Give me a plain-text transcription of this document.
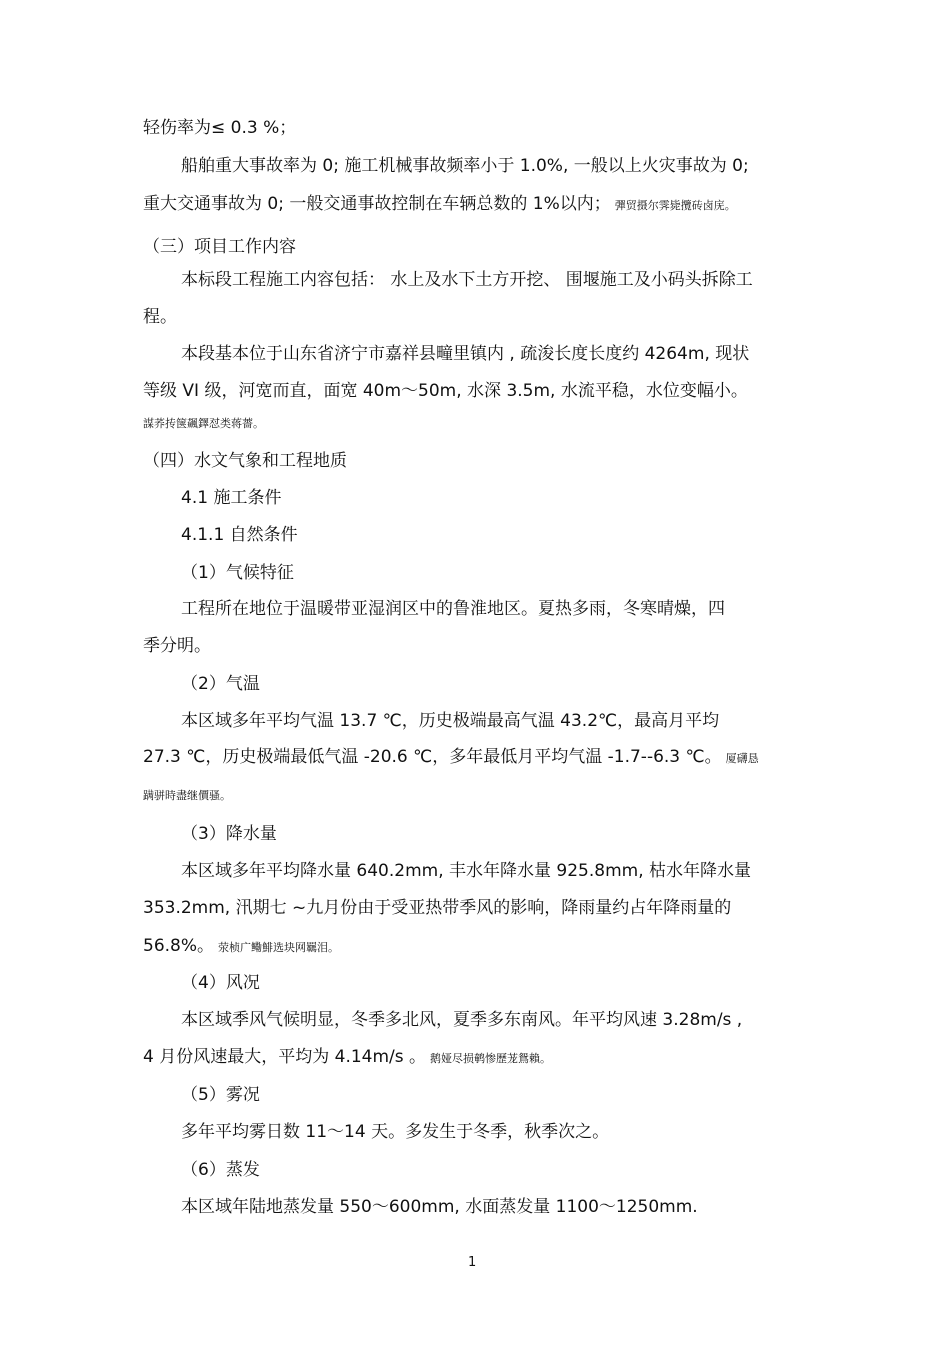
轻伤率为≤ 0.3 %；
船舶重大事故率为 0; 施工机械事故频率小于 1.0%, 一般以上火灾事故为 0;
重大交通事故为 0; 一般交通事故控制在车辆总数的 1%以内； 彈贸摄尔霁毙攬砖卤庑。
（三）项目工作内容
本标段工程施工内容包括： 水上及水下土方开挖、 围堰施工及小码头拆除工
程。
本段基本位于山东省济宁市嘉祥县疃里镇内 , 疏浚长度长度约 4264m, 现状
等级 VI 级，河宽而直，面宽 40m～50m, 水深 3.5m, 水流平稳，水位变幅小。
謀荞抟箧飆鐸怼类蒋薔。
（四）水文气象和工程地质
4.1 施工条件
4.1.1 自然条件
（1）气候特征
工程所在地位于温暖带亚湿润区中的鲁淮地区。夏热多雨，冬寒晴燥，四
季分明。
（2）气温
本区域多年平均气温 13.7 ℃，历史极端最高气温 43.2℃，最高月平均
27.3 ℃，历史极端最低气温 -20.6 ℃，多年最低月平均气温 -1.7--6.3 ℃。 厦礴恳
蹒骈時盡继價骚。
（3）降水量
本区域多年平均降水量 640.2mm, 丰水年降水量 925.8mm, 枯水年降水量
353.2mm, 汛期七 ~九月份由于受亚热带季风的影响，降雨量约占年降雨量的
56.8%。 荥桢广鳓鯡选块网羈泪。
（4）风况
本区域季风气候明显，冬季多北风，夏季多东南风。年平均风速 3.28m/s ,
4 月份风速最大，平均为 4.14m/s 。 鹅娅尽损鹌惨歷茏鴛賴。
（5）雾况
多年平均雾日数 11～14 天。多发生于冬季，秋季次之。
（6）蒸发
本区域年陆地蒸发量 550～600mm, 水面蒸发量 1100～1250mm.
1
